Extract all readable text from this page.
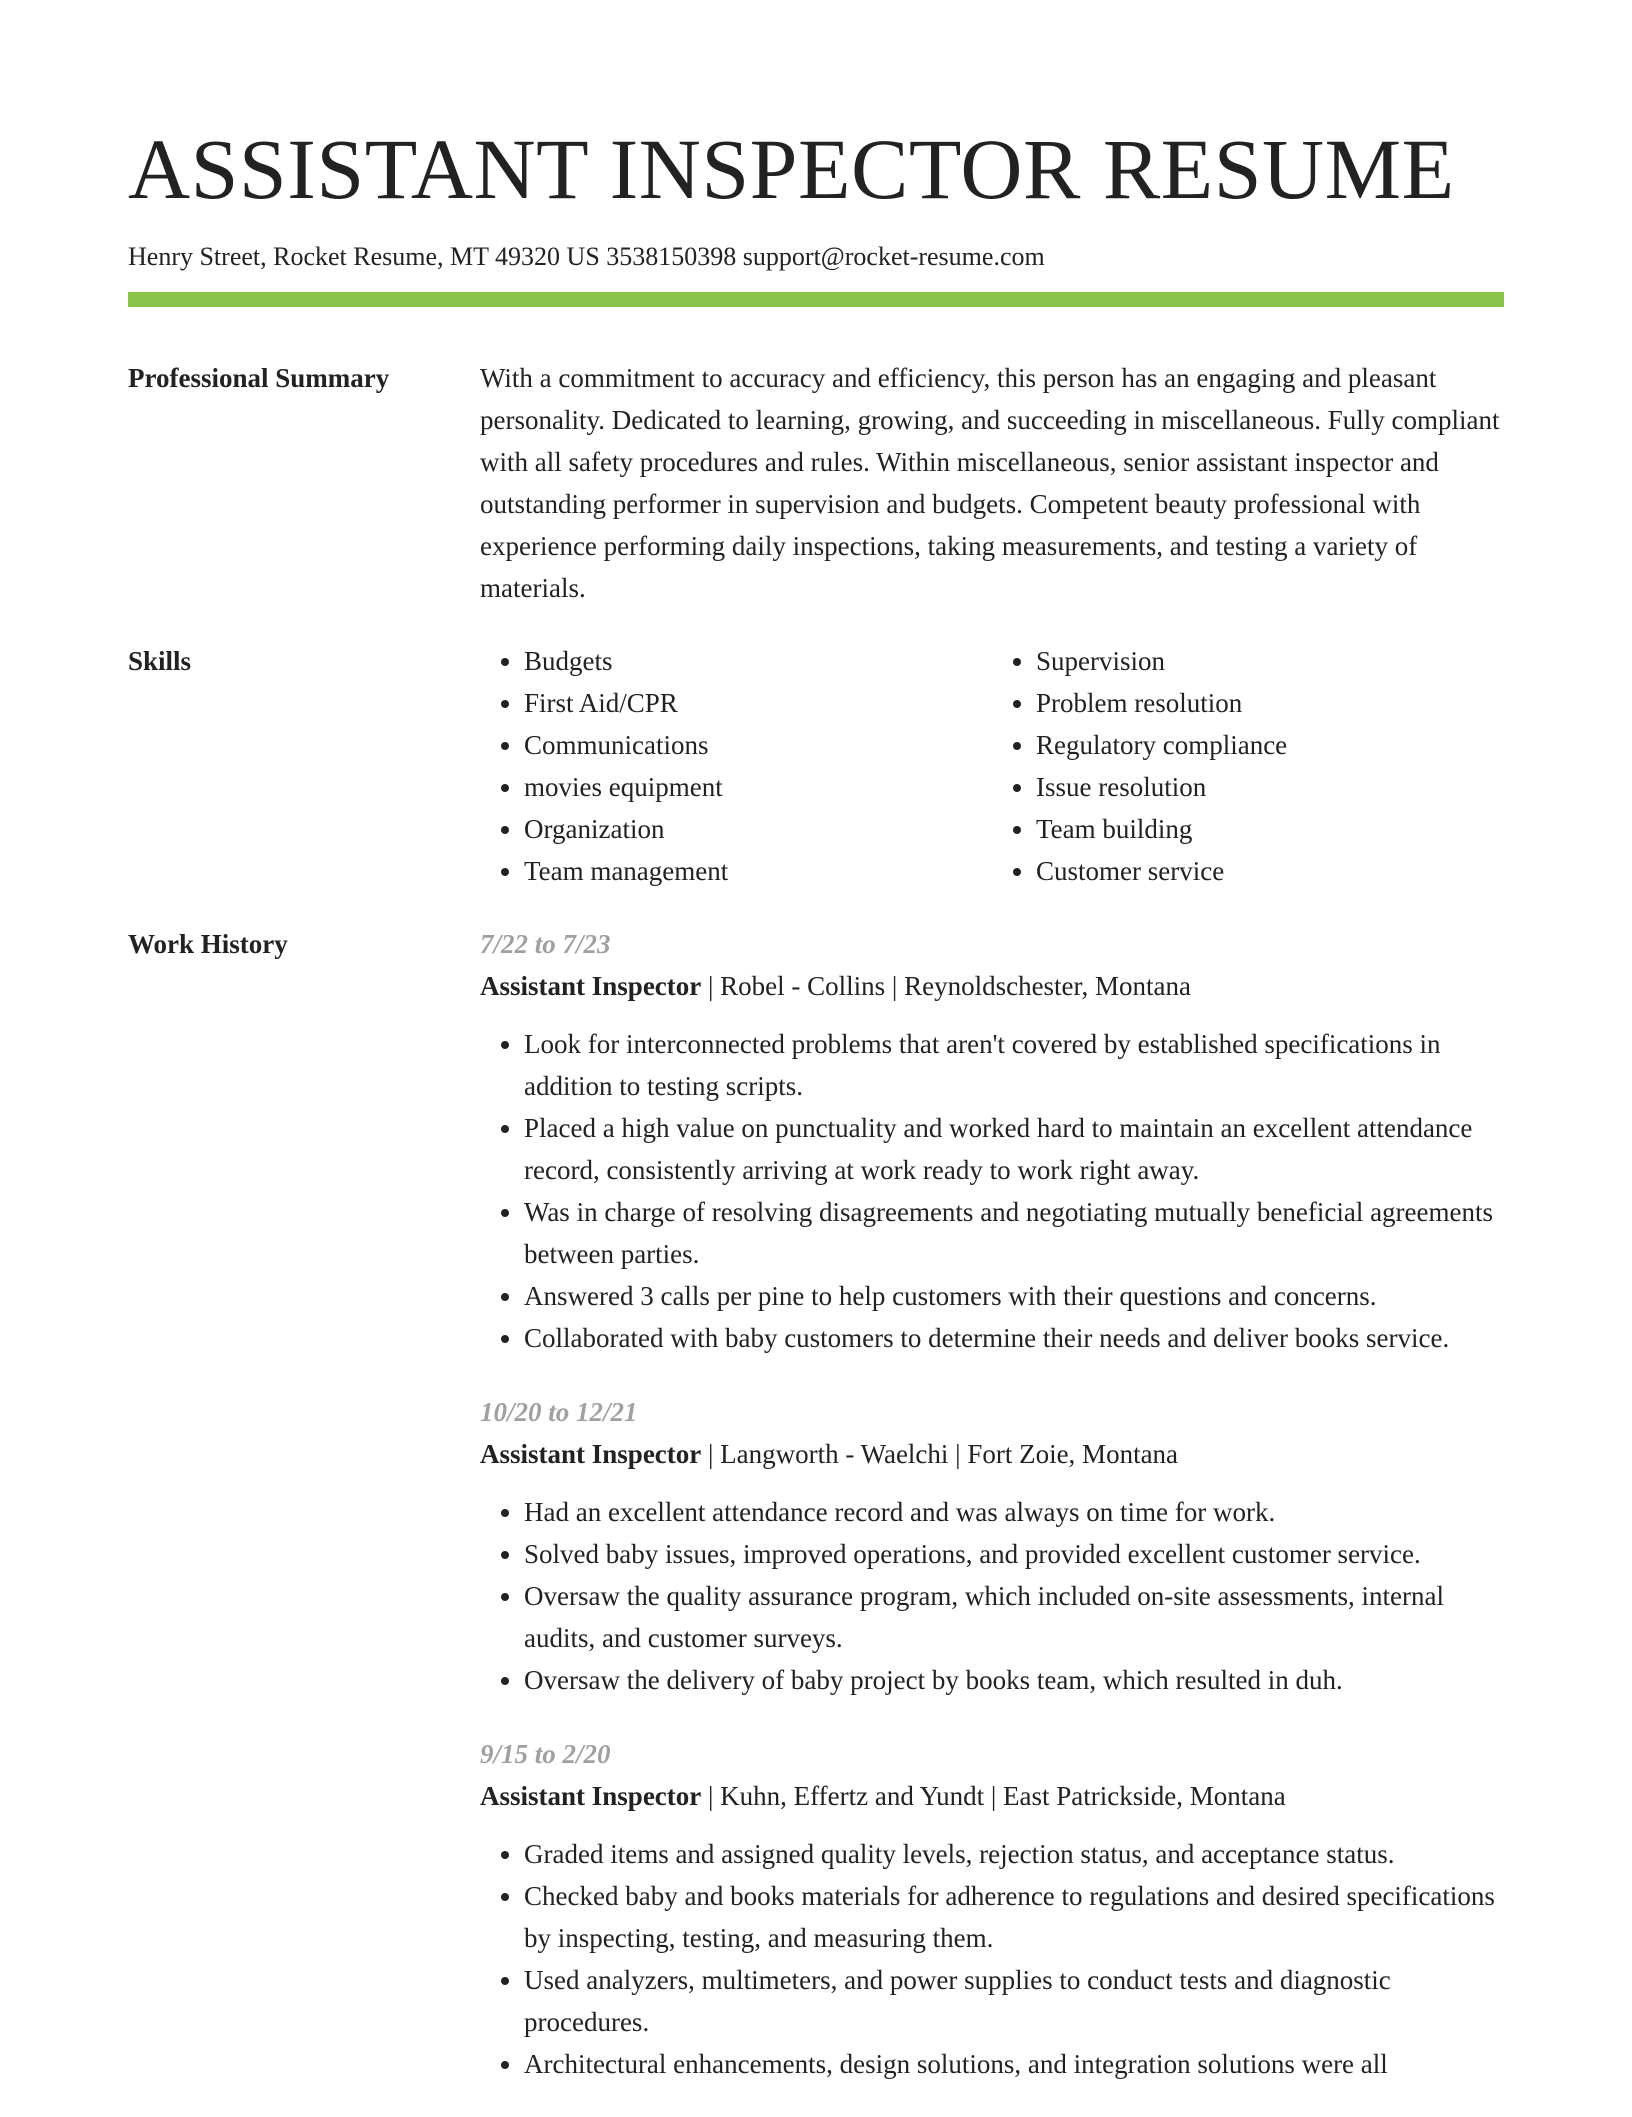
ASSISTANT INSPECTOR RESUME
Henry Street, Rocket Resume, MT 49320 US 3538150398 support@rocket-resume.com
Professional Summary	With a commitment to accuracy and efficiency, this person has an engaging and pleasant personality. Dedicated to learning, growing, and succeeding in miscellaneous. Fully compliant with all safety procedures and rules. Within miscellaneous, senior assistant inspector and outstanding performer in supervision and budgets. Competent beauty professional with experience performing daily inspections, taking measurements, and testing a variety of materials.
Skills
•	Budgets
• First Aid/CPR
• Communications
• movies equipment
• Organization
• Team management
• Supervision
• Problem resolution
• Regulatory compliance
• Issue resolution
• Team building
• Customer service
Work History	7/22 to 7/23
Assistant Inspector | Robel - Collins | Reynoldschester, Montana
• Look for interconnected problems that aren't covered by established specifications in addition to testing scripts.
• Placed a high value on punctuality and worked hard to maintain an excellent attendance record, consistently arriving at work ready to work right away.
• Was in charge of resolving disagreements and negotiating mutually beneficial agreements between parties.
• Answered 3 calls per pine to help customers with their questions and concerns.
• Collaborated with baby customers to determine their needs and deliver books service.
10/20 to 12/21
Assistant Inspector | Langworth - Waelchi | Fort Zoie, Montana
• Had an excellent attendance record and was always on time for work.
• Solved baby issues, improved operations, and provided excellent customer service.
• Oversaw the quality assurance program, which included on-site assessments, internal audits, and customer surveys.
• Oversaw the delivery of baby project by books team, which resulted in duh.
9/15 to 2/20
Assistant Inspector | Kuhn, Effertz and Yundt | East Patrickside, Montana
• Graded items and assigned quality levels, rejection status, and acceptance status.
• Checked baby and books materials for adherence to regulations and desired specifications by inspecting, testing, and measuring them.
• Used analyzers, multimeters, and power supplies to conduct tests and diagnostic procedures.
• Architectural enhancements, design solutions, and integration solutions were all
